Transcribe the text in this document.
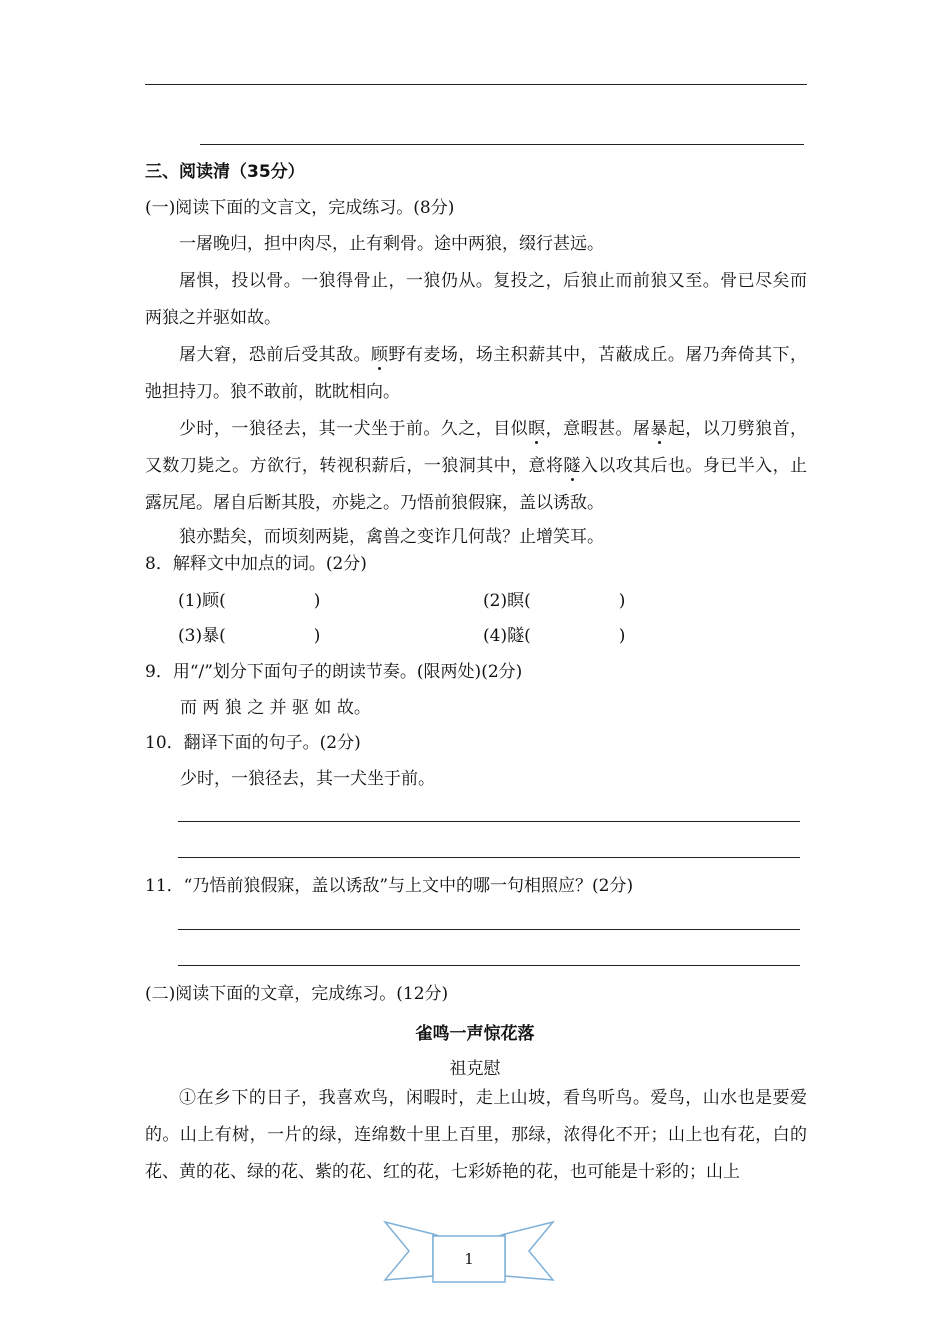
三、阅读清（35分）
(一)阅读下面的文言文，完成练习。(8分)

一屠晚归，担中肉尽，止有剩骨。途中两狼，缀行甚远。

屠惧，投以骨。一狼得骨止，一狼仍从。复投之，后狼止而前狼又至。骨已尽矣而两狼之并驱如故。

屠大窘，恐前后受其敌。顾野有麦场，场主积薪其中，苫蔽成丘。屠乃奔倚其下，弛担持刀。狼不敢前，眈眈相向。

少时，一狼径去，其一犬坐于前。久之，目似瞑，意暇甚。屠暴起，以刀劈狼首，又数刀毙之。方欲行，转视积薪后，一狼洞其中，意将隧入以攻其后也。身已半入，止露尻尾。屠自后断其股，亦毙之。乃悟前狼假寐，盖以诱敌。

狼亦黠矣，而顷刻两毙，禽兽之变诈几何哉？止增笑耳。

8．解释文中加点的词。(2分)
(1)顾(	)	(2)瞑(	)
(3)暴(	)	(4)隧(	)
9．用“/”划分下面句子的朗读节奏。(限两处)(2分)
而 两 狼 之 并 驱 如 故。
10．翻译下面的句子。(2分)
少时，一狼径去，其一犬坐于前。
11．“乃悟前狼假寐，盖以诱敌”与上文中的哪一句相照应？(2分)
(二)阅读下面的文章，完成练习。(12分)
雀鸣一声惊花落
祖克慰

①在乡下的日子，我喜欢鸟，闲暇时，走上山坡，看鸟听鸟。爱鸟，山水也是要爱的。山上有树，一片的绿，连绵数十里上百里，那绿，浓得化不开；山上也有花，白的花、黄的花、绿的花、紫的花、红的花，七彩娇艳的花，也可能是十彩的；山上

1
